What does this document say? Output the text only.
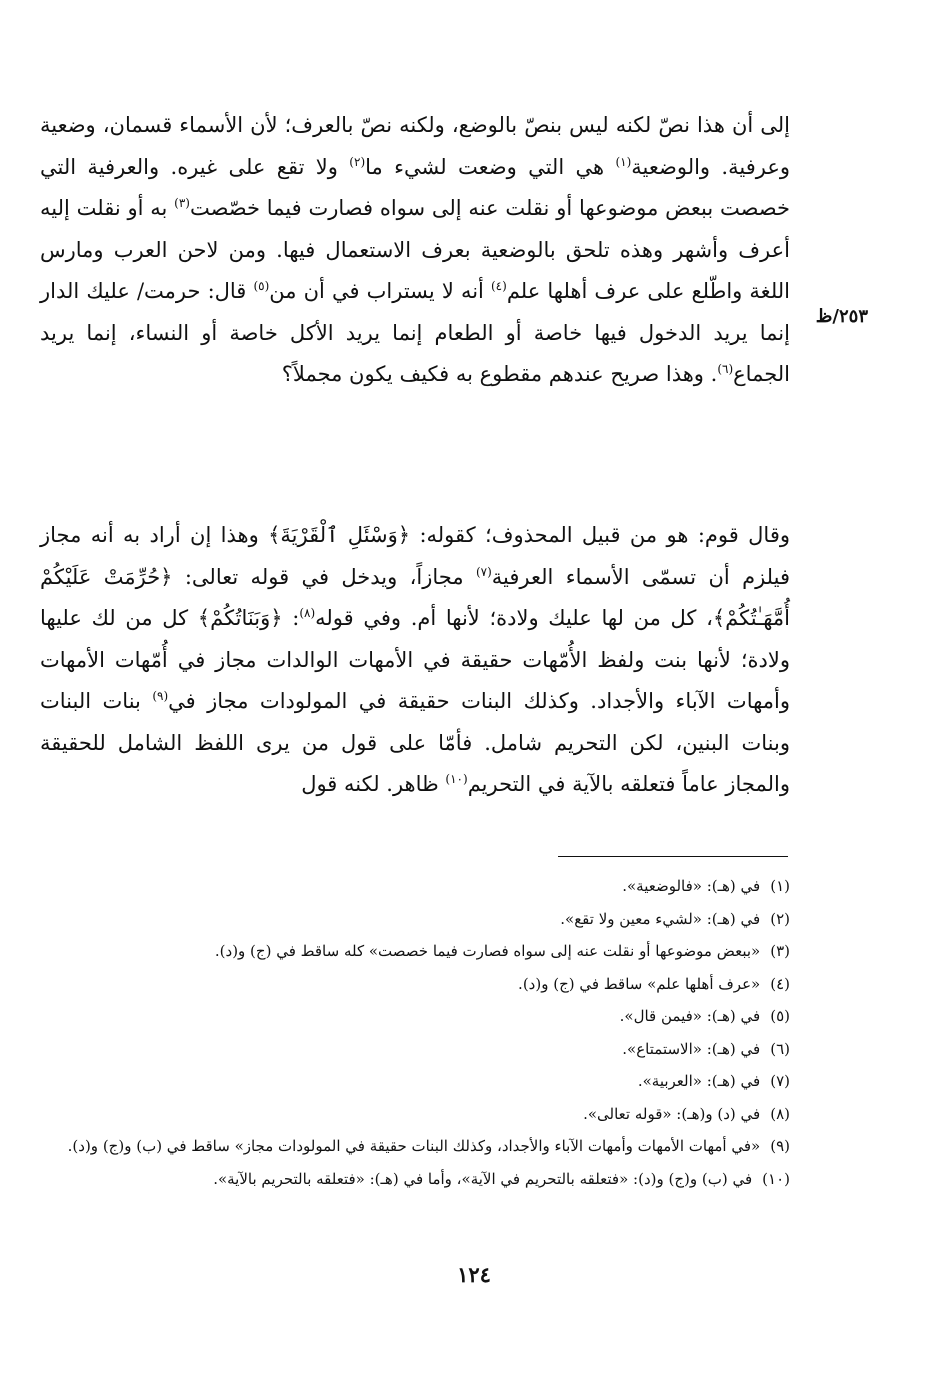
٢٥٣/ظ

إلى أن هذا نصّ لكنه ليس بنصّ بالوضع، ولكنه نصّ بالعرف؛ لأن الأسماء قسمان، وضعية وعرفية. والوضعية$^{(١)}$ هي التي وضعت لشيء ما$^{(٢)}$ ولا تقع على غيره. والعرفية التي خصصت ببعض موضوعها أو نقلت عنه إلى سواه فصارت فيما خصّصت$^{(٣)}$ به أو نقلت إليه أعرف وأشهر وهذه تلحق بالوضعية بعرف الاستعمال فيها. ومن لاحن العرب ومارس اللغة واطّلع على عرف أهلها علم$^{(٤)}$ أنه لا يستراب في أن من$^{(٥)}$ قال: حرمت/ عليك الدار إنما يريد الدخول فيها خاصة أو الطعام إنما يريد الأكل خاصة أو النساء، إنما يريد الجماع$^{(٦)}$. وهذا صريح عندهم مقطوع به فكيف يكون مجملاً؟

وقال قوم: هو من قبيل المحذوف؛ كقوله: ﴿وَسْئَلِ ٱلْقَرْيَةَ﴾ وهذا إن أراد به أنه مجاز فيلزم أن تسمّى الأسماء العرفية$^{(٧)}$ مجازاً، ويدخل في قوله تعالى: ﴿حُرِّمَتْ عَلَيْكُمْ أُمَّهَـٰتُكُمْ﴾، كل من لها عليك ولادة؛ لأنها أم. وفي قوله$^{(٨)}$: ﴿وَبَنَاتُكُمْ﴾ كل من لك عليها ولادة؛ لأنها بنت ولفظ الأُمّهات حقيقة في الأمهات الوالدات مجاز في أُمّهات الأمهات وأمهات الآباء والأجداد. وكذلك البنات حقيقة في المولودات مجاز في$^{(٩)}$ بنات البنات وبنات البنين، لكن التحريم شامل. فأمّا على قول من يرى اللفظ الشامل للحقيقة والمجاز عاماً فتعلقه بالآية في التحريم$^{(١٠)}$ ظاهر. لكنه قول

(١)
في (هـ): «فالوضعية».
(٢)
في (هـ): «لشيء معين ولا تقع».
(٣)
«ببعض موضوعها أو نقلت عنه إلى سواه فصارت فيما خصصت» كله ساقط في (ج) و(د).
(٤)
«عرف أهلها علم» ساقط في (ج) و(د).
(٥)
في (هـ): «فيمن قال».
(٦)
في (هـ): «الاستمتاع».
(٧)
في (هـ): «العربية».
(٨)
في (د) و(هـ): «قوله تعالى».
(٩)
«في أمهات الأمهات وأمهات الآباء والأجداد، وكذلك البنات حقيقة في المولودات مجاز» ساقط في (ب) و(ج) و(د).
(١٠)
في (ب) و(ج) و(د): «فتعلقه بالتحريم في الآية»، وأما في (هـ): «فتعلقه بالتحريم بالآية».
١٢٤
